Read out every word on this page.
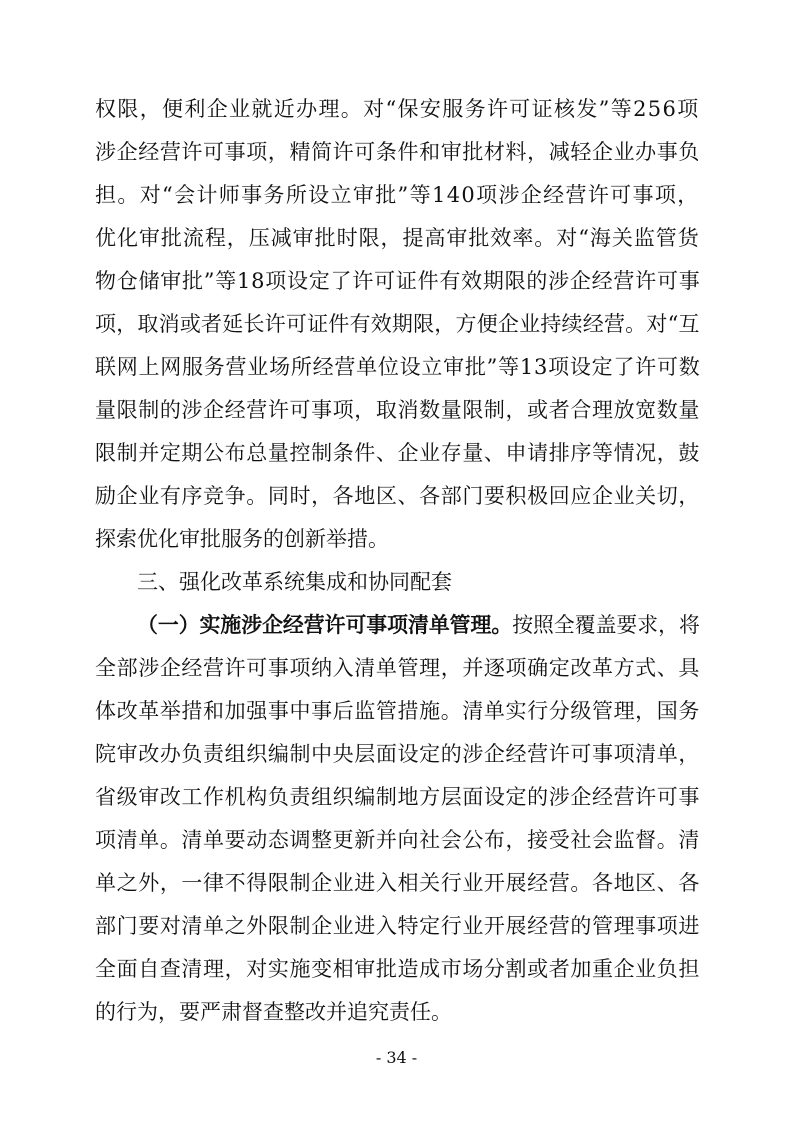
权限，便利企业就近办理。对“保安服务许可证核发”等256项
涉企经营许可事项，精简许可条件和审批材料，减轻企业办事负
担。对“会计师事务所设立审批”等140项涉企经营许可事项，
优化审批流程，压减审批时限，提高审批效率。对“海关监管货
物仓储审批”等18项设定了许可证件有效期限的涉企经营许可事
项，取消或者延长许可证件有效期限，方便企业持续经营。对“互
联网上网服务营业场所经营单位设立审批”等13项设定了许可数
量限制的涉企经营许可事项，取消数量限制，或者合理放宽数量
限制并定期公布总量控制条件、企业存量、申请排序等情况，鼓
励企业有序竞争。同时，各地区、各部门要积极回应企业关切，
探索优化审批服务的创新举措。
三、强化改革系统集成和协同配套
（一）实施涉企经营许可事项清单管理。按照全覆盖要求，将
全部涉企经营许可事项纳入清单管理，并逐项确定改革方式、具
体改革举措和加强事中事后监管措施。清单实行分级管理，国务
院审改办负责组织编制中央层面设定的涉企经营许可事项清单，
省级审改工作机构负责组织编制地方层面设定的涉企经营许可事
项清单。清单要动态调整更新并向社会公布，接受社会监督。清
单之外，一律不得限制企业进入相关行业开展经营。各地区、各
部门要对清单之外限制企业进入特定行业开展经营的管理事项进
全面自查清理，对实施变相审批造成市场分割或者加重企业负担
的行为，要严肃督查整改并追究责任。
- 34 -
